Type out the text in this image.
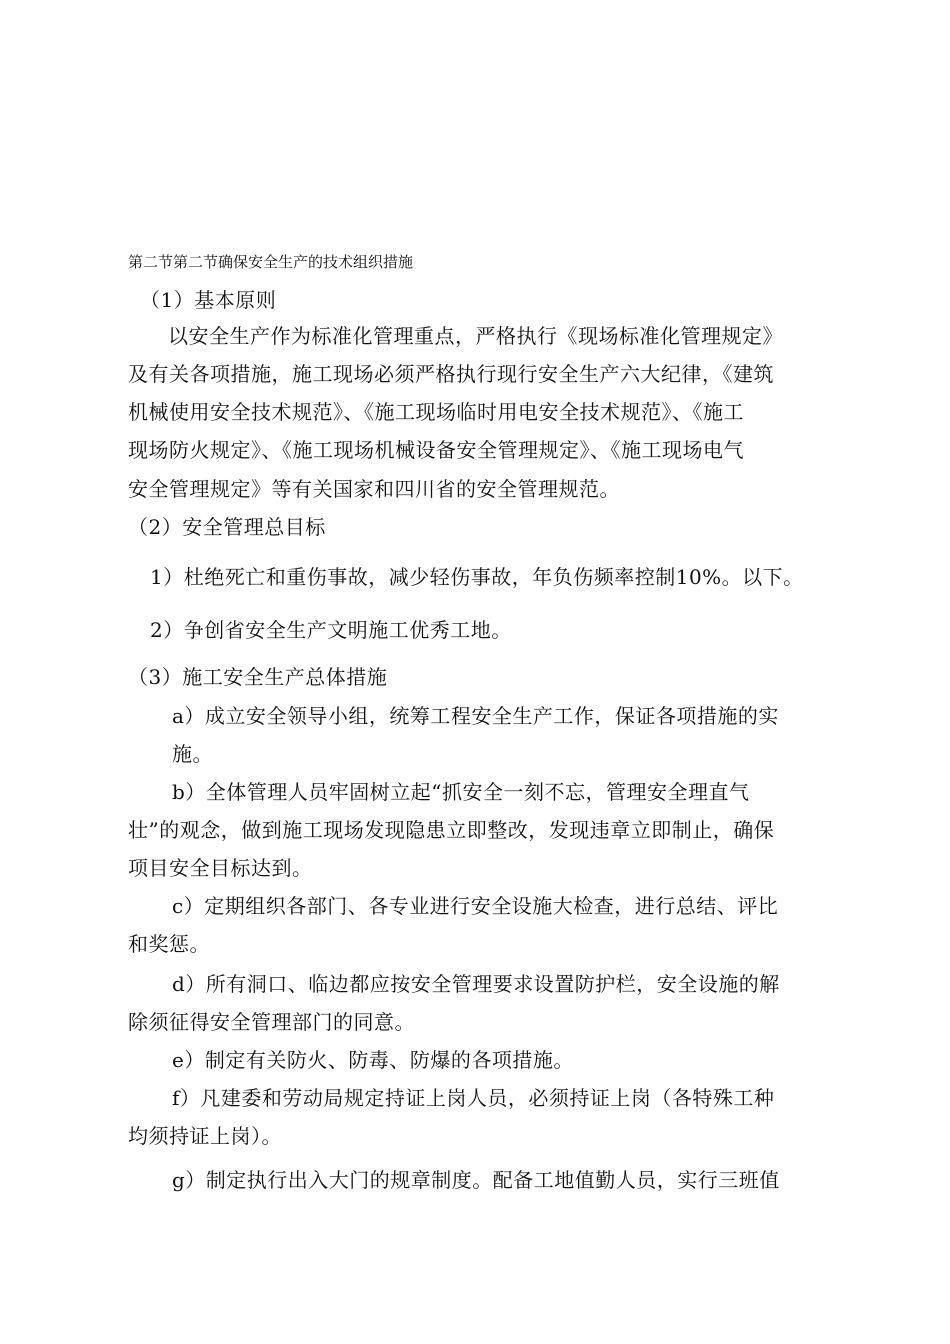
第二节第二节确保安全生产的技术组织措施
（1）基本原则
以安全生产作为标准化管理重点，严格执行《现场标准化管理规定》
及有关各项措施，施工现场必须严格执行现行安全生产六大纪律，《建筑
机械使用安全技术规范》、《施工现场临时用电安全技术规范》、《施工
现场防火规定》、《施工现场机械设备安全管理规定》、《施工现场电气
安全管理规定》等有关国家和四川省的安全管理规范。
（2）安全管理总目标
1）杜绝死亡和重伤事故，减少轻伤事故，年负伤频率控制10%。以下。
2）争创省安全生产文明施工优秀工地。
（3）施工安全生产总体措施
a）成立安全领导小组，统筹工程安全生产工作，保证各项措施的实
施。
b）全体管理人员牢固树立起“抓安全一刻不忘，管理安全理直气
壮”的观念，做到施工现场发现隐患立即整改，发现违章立即制止，确保
项目安全目标达到。
c）定期组织各部门、各专业进行安全设施大检查，进行总结、评比
和奖惩。
d）所有洞口、临边都应按安全管理要求设置防护栏，安全设施的解
除须征得安全管理部门的同意。
e）制定有关防火、防毒、防爆的各项措施。
f）凡建委和劳动局规定持证上岗人员，必须持证上岗（各特殊工种
均须持证上岗）。
g）制定执行出入大门的规章制度。配备工地值勤人员，实行三班值
